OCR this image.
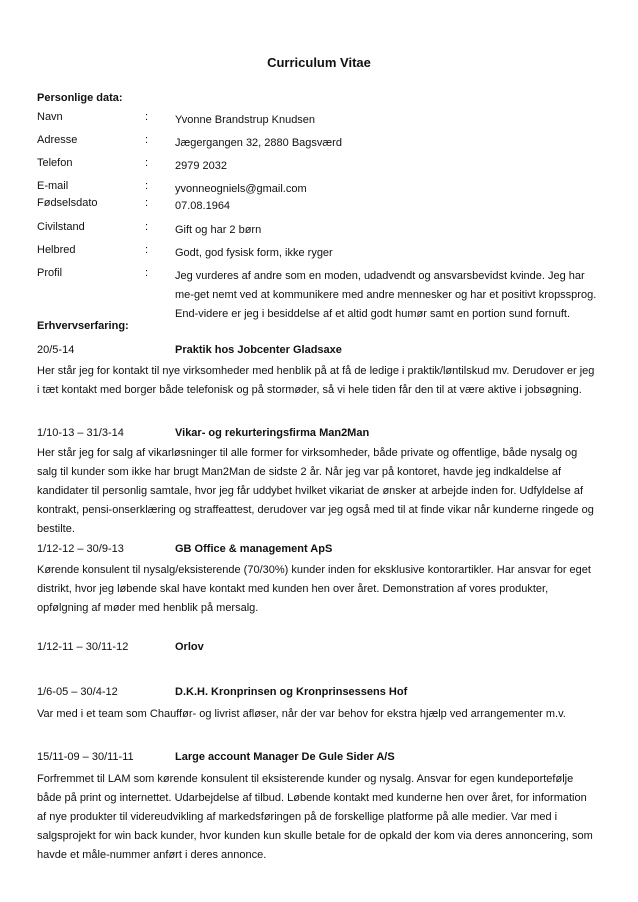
Curriculum Vitae
Personlige data:
Navn	: Yvonne Brandstrup Knudsen
Adresse	: Jægergangen 32, 2880 Bagsværd
Telefon	: 2979 2032
E-mail	: yvonneogniels@gmail.com
Fødselsdato	: 07.08.1964
Civilstand	: Gift og har 2 børn
Helbred	: Godt, god fysisk form, ikke ryger
Profil	: Jeg vurderes af andre som en moden, udadvendt og ansvarsbevidst kvinde. Jeg har me-get nemt ved at kommunikere med andre mennesker og har et positivt kropssprog. End-videre er jeg i besiddelse af et altid godt humør samt en portion sund fornuft.
Erhvervserfaring:
20/5-14	Praktik hos Jobcenter Gladsaxe
Her står jeg for kontakt til nye virksomheder med henblik på at få de ledige i praktik/løntilskud mv. Derudover er jeg i tæt kontakt med borger både telefonisk og på stormøder, så vi hele tiden får den til at være aktive i jobsøgning.
1/10-13 – 31/3-14	Vikar- og rekurteringsfirma Man2Man
Her står jeg for salg af vikarløsninger til alle former for virksomheder, både private og offentlige, både nysalg og salg til kunder som ikke har brugt Man2Man de sidste 2 år. Når jeg var på kontoret, havde jeg indkaldelse af kandidater til personlig samtale, hvor jeg får uddybet hvilket vikariat de ønsker at arbejde inden for. Udfyldelse af kontrakt, pensi-onserklæring og straffeattest, derudover var jeg også med til at finde vikar når kunderne ringede og bestilte.
1/12-12 – 30/9-13	GB Office & management ApS
Kørende konsulent til nysalg/eksisterende (70/30%) kunder inden for eksklusive kontorartikler. Har ansvar for eget distrikt, hvor jeg løbende skal have kontakt med kunden hen over året. Demonstration af vores produkter, opfølgning af møder med henblik på mersalg.
1/12-11 – 30/11-12	Orlov
1/6-05 – 30/4-12	D.K.H. Kronprinsen og Kronprinsessens Hof
Var med i et team som Chauffør- og livrist afløser, når der var behov for ekstra hjælp ved arrangementer m.v.
15/11-09 – 30/11-11	Large account Manager De Gule Sider A/S
Forfremmet til LAM som kørende konsulent til eksisterende kunder og nysalg. Ansvar for egen kundeportefølje både på print og internettet. Udarbejdelse af tilbud. Løbende kontakt med kunderne hen over året, for information af nye produkter til videreudvikling af markedsføringen på de forskellige platforme på alle medier. Var med i salgsprojekt for win back kunder, hvor kunden kun skulle betale for de opkald der kom via deres annoncering, som havde et måle-nummer anført i deres annonce.
